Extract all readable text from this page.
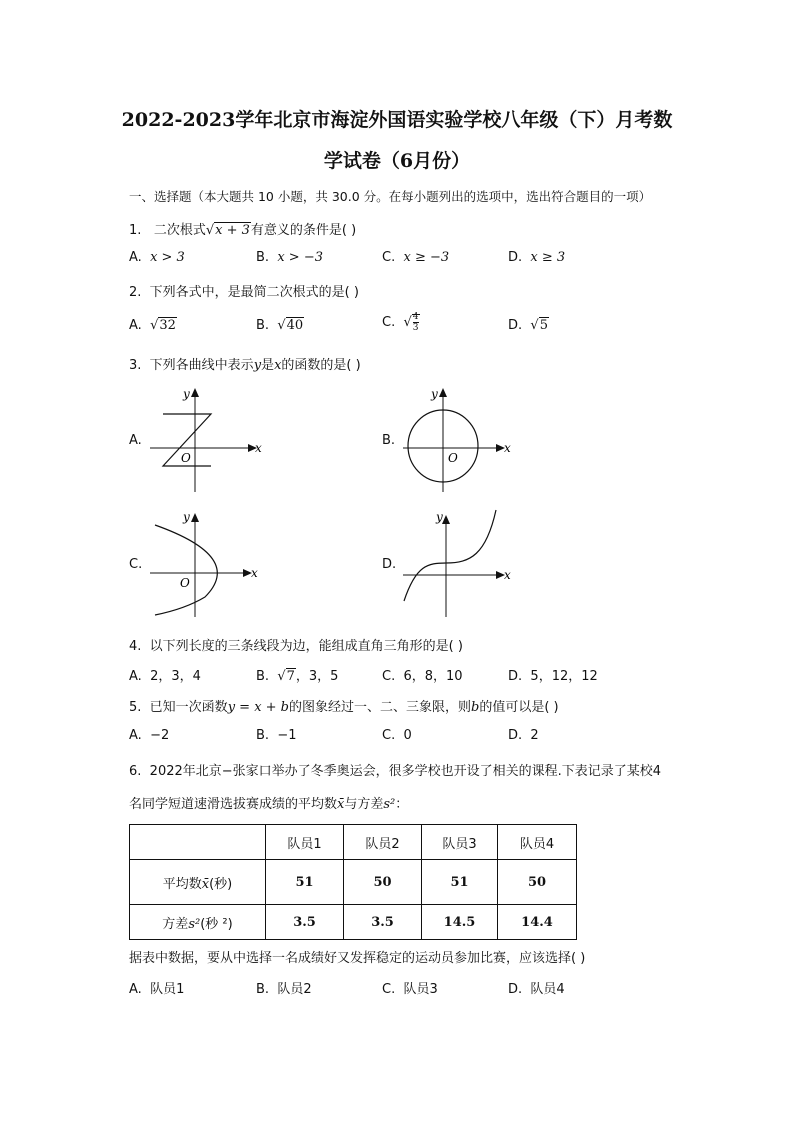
2022-2023学年北京市海淀外国语实验学校八年级（下）月考数
学试卷（6月份）
一、选择题（本大题共 10 小题，共 30.0 分。在每小题列出的选项中，选出符合题目的一项）
1. 二次根式√x + 3有意义的条件是( )
A. x > 3	B. x > −3	C. x ≥ −3	D. x ≥ 3
2. 下列各式中，是最简二次根式的是( )
A. √32	B. √40	C. √ $\frac{4}{3}$	D. √5
3. 下列各曲线中表示y是x的函数的是( )
A.
y
x
O
B.
y
x
O
C.
y
x
O
D.
y
x
4. 以下列长度的三条线段为边，能组成直角三角形的是( )
A. 2，3，4	B. √7，3，5	C. 6，8，10	D. 5，12，12
5. 已知一次函数y = x + b的图象经过一、二、三象限，则b的值可以是( )
A. −2	B. −1	C. 0	D. 2
6. 2022年北京−张家口举办了冬季奥运会，很多学校也开设了相关的课程.下表记录了某校4
名同学短道速滑选拔赛成绩的平均数x̄与方差s²：
	队员1	队员2	队员3	队员4
平均数x̄(秒)	51	50	51	50
方差s²(秒 ²)	3.5	3.5	14.5	14.4
据表中数据，要从中选择一名成绩好又发挥稳定的运动员参加比赛，应该选择( )
A. 队员1	B. 队员2	C. 队员3	D. 队员4
